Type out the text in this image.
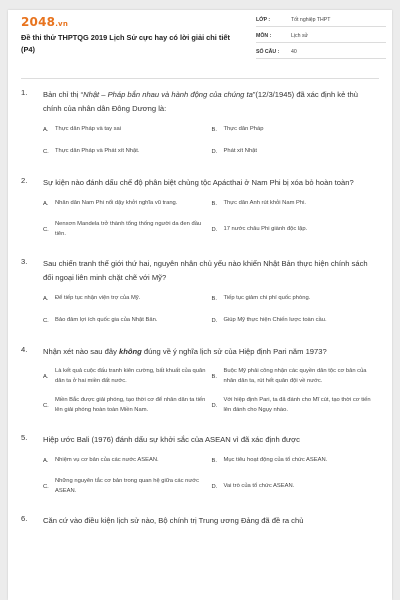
2048.vn
Đề thi thử THPTQG 2019 Lịch Sử cực hay có lời giải chi tiết (P4)
LỚP :	Tốt nghiệp THPT
MÔN :	Lịch sử
SỐ CÂU :	40
1. Bản chỉ thị “Nhật – Pháp bắn nhau và hành động của chúng ta”(12/3/1945) đã xác định kẻ thù chính của nhân dân Đông Dương là:
A.	Thực dân Pháp và tay sai	B.	Thực dân Pháp
C.	Thực dân Pháp và Phát xít Nhật.	D.	Phát xít Nhật
2. Sự kiện nào đánh dấu chế độ phân biệt chủng tộc Apácthai ở Nam Phi bị xóa bỏ hoàn toàn?
A.	Nhân dân Nam Phi nổi dậy khởi nghĩa vũ trang.	B.	Thực dân Anh rút khỏi Nam Phi.
C.
Nenxơn Mandela trở thành tổng thống người da đen đầu tiên.
D.	17 nước châu Phi giành độc lập.
3. Sau chiến tranh thế giới thứ hai, nguyên nhân chủ yếu nào khiến Nhật Bản thực hiện chính sách đối ngoại liên minh chặt chẽ với Mỹ?
A.	Để tiếp tục nhận viện trợ của Mỹ.	B.	Tiếp tục giảm chi phí quốc phòng.
C.	Bảo đảm lợi ích quốc gia của Nhật Bản.	D.	Giúp Mỹ thực hiện Chiến lược toàn cầu.
4. Nhận xét nào sau đây không đúng về ý nghĩa lịch sử của Hiệp định Pari năm 1973?
A.
Là kết quả cuộc đấu tranh kiên cường, bất khuất của quân dân ta ở hai miền đất nước.
B.
Buộc Mỹ phải công nhận các quyền dân tộc cơ bản của nhân dân ta, rút hết quân đội về nước.
C.
Miền Bắc được giải phóng, tạo thời cơ để nhân dân ta tiến lên giải phóng hoàn toàn Miền Nam.
D.
Với hiệp định Pari, ta đã đánh cho Mĩ cút, tạo thời cơ tiến lên đánh cho Ngụy nhào.
5. Hiệp ước Bali (1976) đánh dấu sự khởi sắc của ASEAN vì đã xác định được
A.	Nhiệm vụ cơ bản của các nước ASEAN.	B.	Mục tiêu hoạt động của tổ chức ASEAN.
C.
Những nguyên tắc cơ bản trong quan hệ giữa các nước ASEAN.
D.	Vai trò của tổ chức ASEAN.
6. Căn cứ vào điều kiện lịch sử nào, Bộ chính trị Trung ương Đảng đã đề ra chủ
